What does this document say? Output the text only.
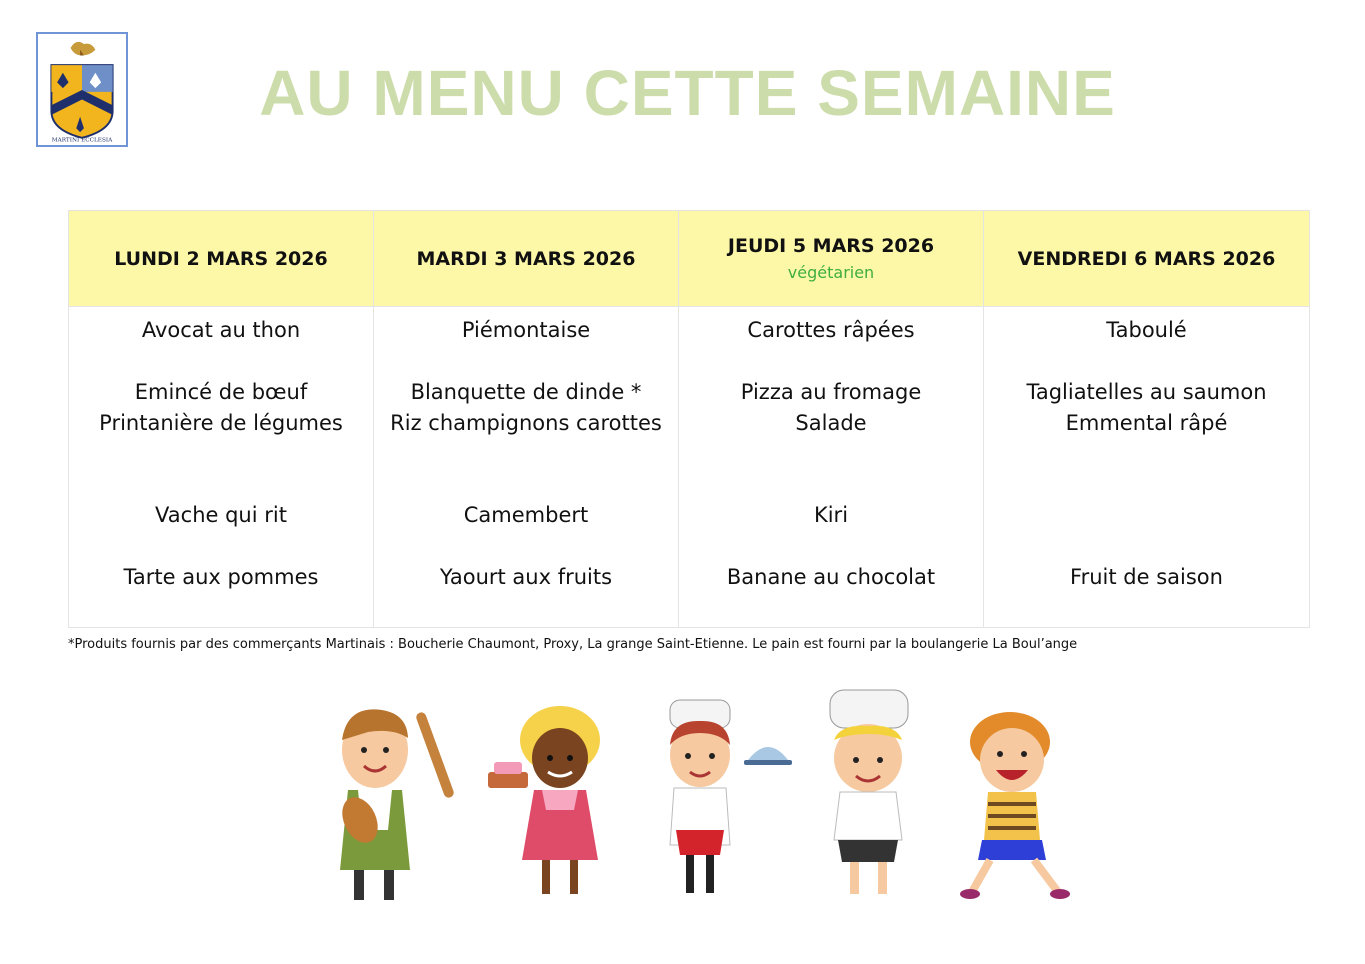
MARTINI ECCLESIA
AU MENU CETTE SEMAINE
LUNDI 2 MARS 2026
Avocat au thon
Emincé de bœuf
Printanière de légumes
Vache qui rit
Tarte aux pommes
MARDI 3 MARS 2026
Piémontaise
Blanquette de dinde *
Riz champignons carottes
Camembert
Yaourt aux fruits
JEUDI 5 MARS 2026
végétarien
Carottes râpées
Pizza au fromage
Salade
Kiri
Banane au chocolat
VENDREDI 6 MARS 2026
Taboulé
Tagliatelles au saumon
Emmental râpé
Fruit de saison
*Produits fournis par des commerçants Martinais : Boucherie Chaumont, Proxy, La grange Saint-Etienne. Le pain est fourni par la boulangerie La Boul’ange
